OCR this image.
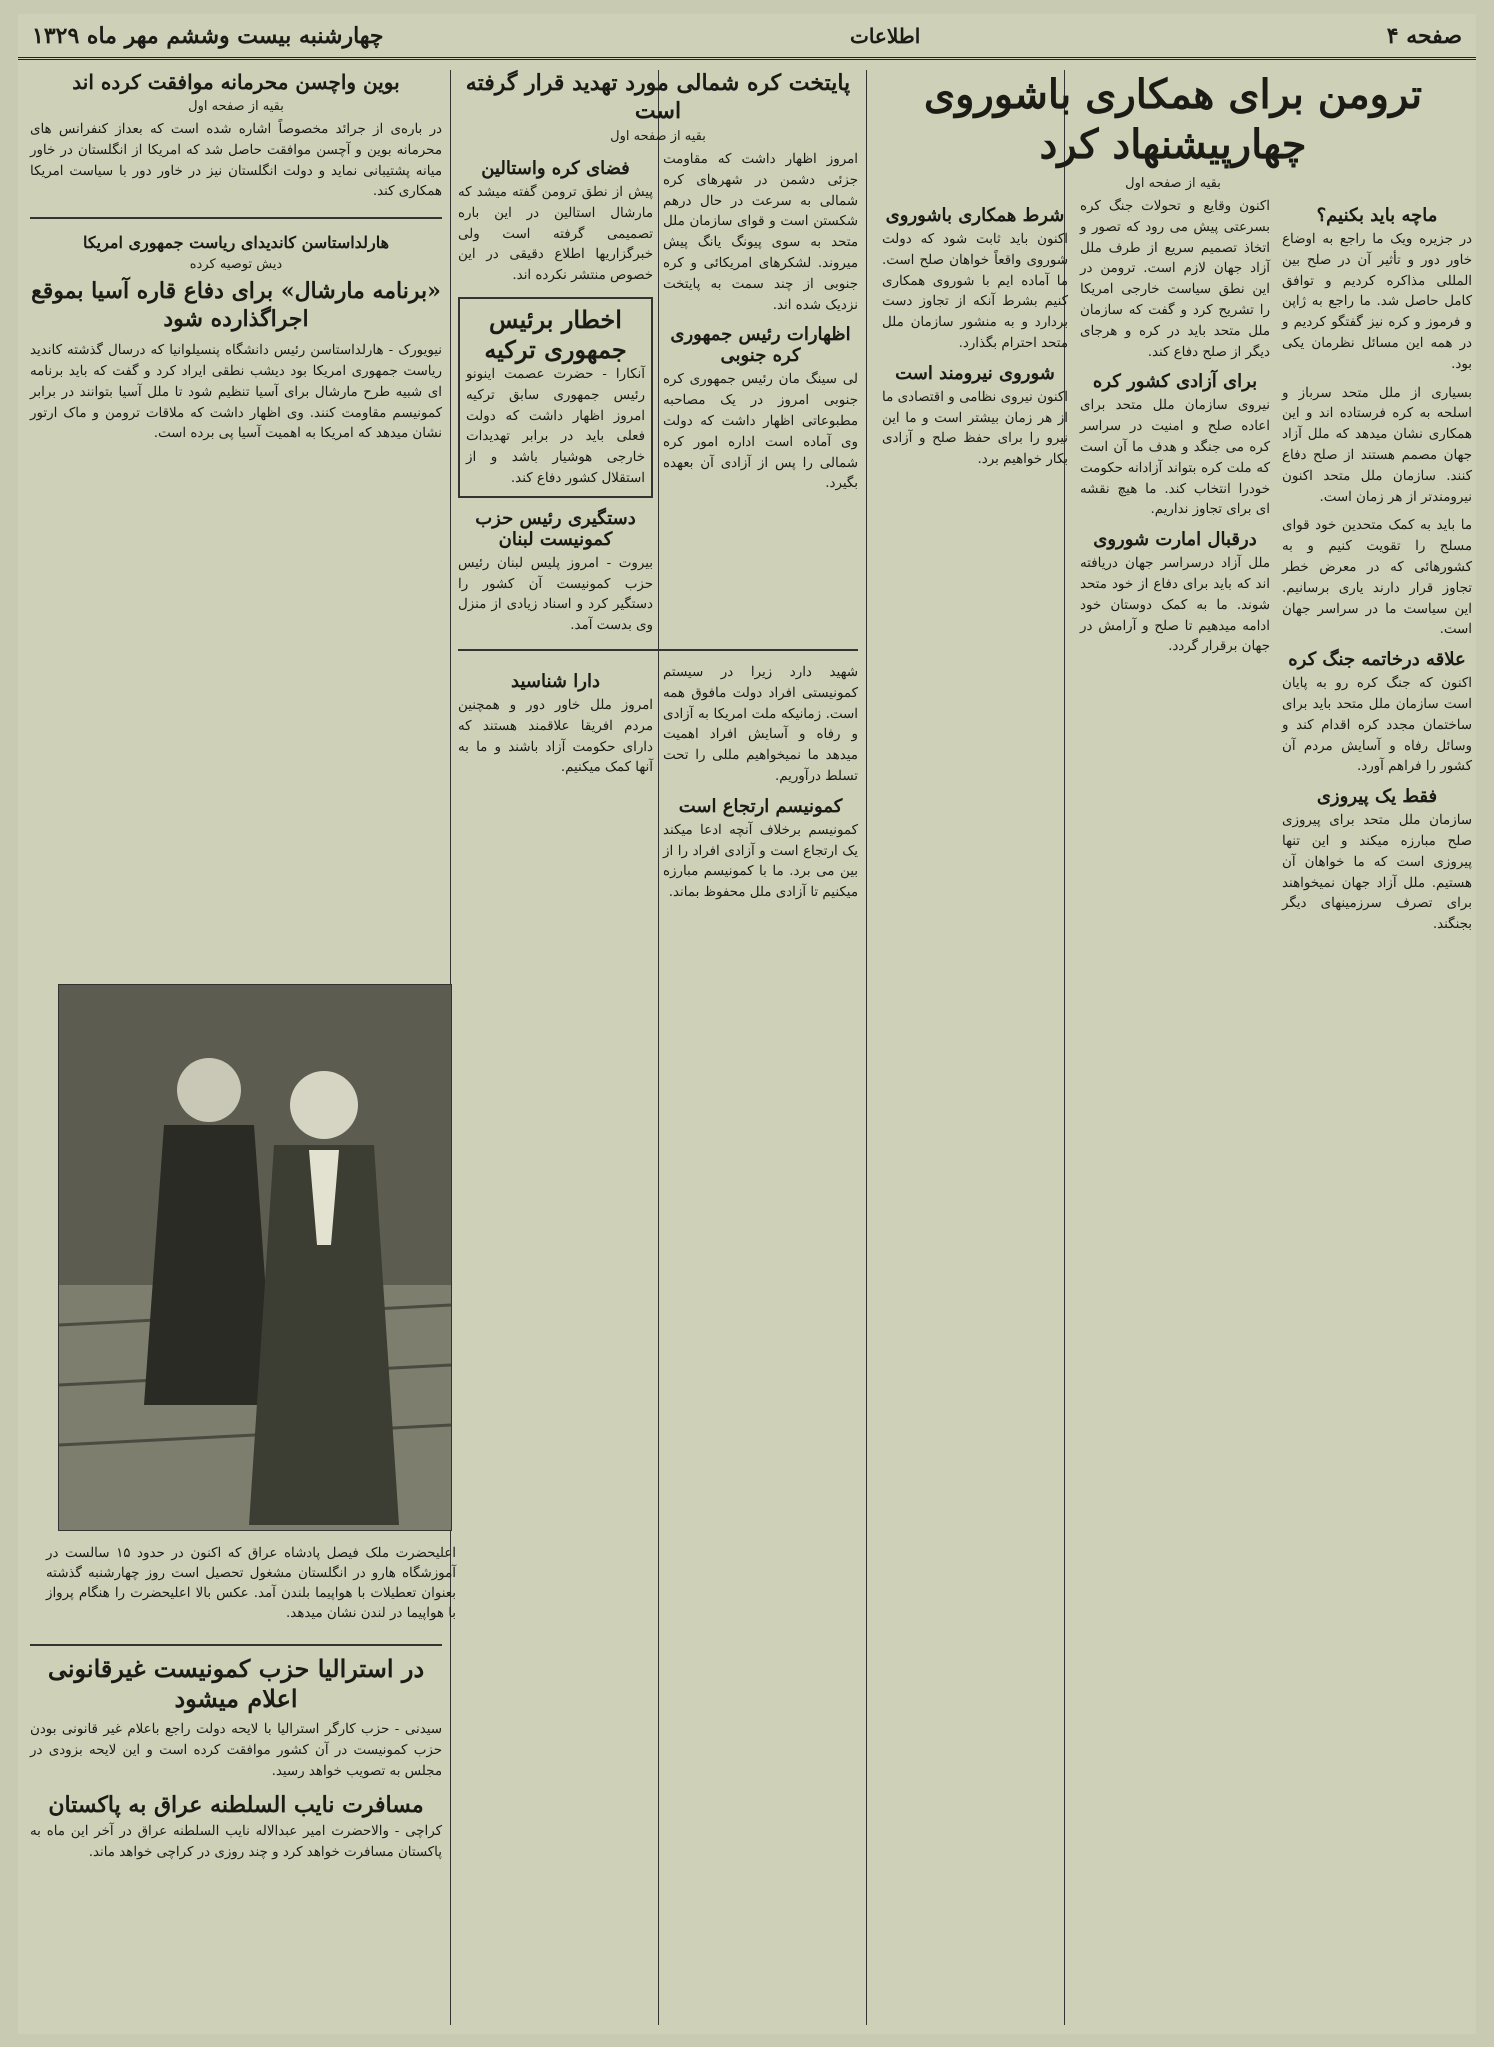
صفحه ۴
اطلاعات
چهارشنبه بیست وششم مهر ماه ۱۳۲۹
ترومن برای همکاری باشوروی چهارپیشنهاد کرد
بقیه از صفحه اول
ماچه باید بکنیم؟
در جزیره ویک ما راجع به اوضاع خاور دور و تأثیر آن در صلح بین المللی مذاکره کردیم و توافق کامل حاصل شد. ما راجع به ژاپن و فرموز و کره نیز گفتگو کردیم و در همه این مسائل نظرمان یکی بود.
بسیاری از ملل متحد سرباز و اسلحه به کره فرستاده اند و این همکاری نشان میدهد که ملل آزاد جهان مصمم هستند از صلح دفاع کنند. سازمان ملل متحد اکنون نیرومندتر از هر زمان است.
ما باید به کمک متحدین خود قوای مسلح را تقویت کنیم و به کشورهائی که در معرض خطر تجاوز قرار دارند یاری برسانیم. این سیاست ما در سراسر جهان است.
علاقه درخاتمه جنگ کره
اکنون که جنگ کره رو به پایان است سازمان ملل متحد باید برای ساختمان مجدد کره اقدام کند و وسائل رفاه و آسایش مردم آن کشور را فراهم آورد.
فقط یک پیروزی
سازمان ملل متحد برای پیروزی صلح مبارزه میکند و این تنها پیروزی است که ما خواهان آن هستیم. ملل آزاد جهان نمیخواهند برای تصرف سرزمینهای دیگر بجنگند.
اکنون وقایع و تحولات جنگ کره بسرعتی پیش می رود که تصور و اتخاذ تصمیم سریع از طرف ملل آزاد جهان لازم است. ترومن در این نطق سیاست خارجی امریکا را تشریح کرد و گفت که سازمان ملل متحد باید در کره و هرجای دیگر از صلح دفاع کند.
برای آزادی کشور کره
نیروی سازمان ملل متحد برای اعاده صلح و امنیت در سراسر کره می جنگد و هدف ما آن است که ملت کره بتواند آزادانه حکومت خودرا انتخاب کند. ما هیچ نقشه ای برای تجاوز نداریم.
درقبال امارت شوروی
ملل آزاد درسراسر جهان دریافته اند که باید برای دفاع از خود متحد شوند. ما به کمک دوستان خود ادامه میدهیم تا صلح و آرامش در جهان برقرار گردد.
شرط همکاری باشوروی
اکنون باید ثابت شود که دولت شوروی واقعاً خواهان صلح است. ما آماده ایم با شوروی همکاری کنیم بشرط آنکه از تجاوز دست بردارد و به منشور سازمان ملل متحد احترام بگذارد.
شوروی نیرومند است
اکنون نیروی نظامی و اقتصادی ما از هر زمان بیشتر است و ما این نیرو را برای حفظ صلح و آزادی بکار خواهیم برد.
پایتخت کره شمالی مورد تهدید قرار گرفته است
بقیه از صفحه اول
امروز اظهار داشت که مقاومت جزئی دشمن در شهرهای کره شمالی به سرعت در حال درهم شکستن است و قوای سازمان ملل متحد به سوی پیونگ یانگ پیش میروند. لشکرهای امریکائی و کره جنوبی از چند سمت به پایتخت نزدیک شده اند.
اظهارات رئیس جمهوری کره جنوبی
لی سینگ مان رئیس جمهوری کره جنوبی امروز در یک مصاحبه مطبوعاتی اظهار داشت که دولت وی آماده است اداره امور کره شمالی را پس از آزادی آن بعهده بگیرد.
فضای کره واستالین
پیش از نطق ترومن گفته میشد که مارشال استالین در این باره تصمیمی گرفته است ولی خبرگزاریها اطلاع دقیقی در این خصوص منتشر نکرده اند.
اخطار برئیس جمهوری ترکیه
آنکارا - حضرت عصمت اینونو رئیس جمهوری سابق ترکیه امروز اظهار داشت که دولت فعلی باید در برابر تهدیدات خارجی هوشیار باشد و از استقلال کشور دفاع کند.
دستگیری رئیس حزب کمونیست لبنان
بیروت - امروز پلیس لبنان رئیس حزب کمونیست آن کشور را دستگیر کرد و اسناد زیادی از منزل وی بدست آمد.
شهید دارد زیرا در سیستم کمونیستی افراد دولت مافوق همه است. زمانیکه ملت امریکا به آزادی و رفاه و آسایش افراد اهمیت میدهد ما نمیخواهیم مللی را تحت تسلط درآوریم.
کمونیسم ارتجاع است
کمونیسم برخلاف آنچه ادعا میکند یک ارتجاع است و آزادی افراد را از بین می برد. ما با کمونیسم مبارزه میکنیم تا آزادی ملل محفوظ بماند.
دارا شناسید
امروز ملل خاور دور و همچنین مردم افریقا علاقمند هستند که دارای حکومت آزاد باشند و ما به آنها کمک میکنیم.
بوین واچسن محرمانه موافقت کرده اند
بقیه از صفحه اول
در باره‌ی از جرائد مخصوصاً اشاره شده است که بعداز کنفرانس های محرمانه بوین و آچسن موافقت حاصل شد که امریکا از انگلستان در خاور میانه پشتیبانی نماید و دولت انگلستان نیز در خاور دور با سیاست امریکا همکاری کند.
هارلداستاسن کاندیدای ریاست جمهوری امریکا
دیش توصیه کرده
«برنامه مارشال» برای دفاع قاره آسیا بموقع اجراگذارده شود
نیویورک - هارلداستاسن رئیس دانشگاه پنسیلوانیا که درسال گذشته کاندید ریاست جمهوری امریکا بود دیشب نطقی ایراد کرد و گفت که باید برنامه ای شبیه طرح مارشال برای آسیا تنظیم شود تا ملل آسیا بتوانند در برابر کمونیسم مقاومت کنند. وی اظهار داشت که ملاقات ترومن و ماک ارتور نشان میدهد که امریکا به اهمیت آسیا پی برده است.
اعلیحضرت ملک فیصل پادشاه عراق که اکنون در حدود ۱۵ سالست در آموزشگاه هارو در انگلستان مشغول تحصیل است روز چهارشنبه گذشته بعنوان تعطیلات با هواپیما بلندن آمد. عکس بالا اعلیحضرت را هنگام پرواز با هواپیما در لندن نشان میدهد.
در استرالیا حزب کمونیست غیرقانونی اعلام میشود
سیدنی - حزب کارگر استرالیا با لایحه دولت راجع باعلام غیر قانونی بودن حزب کمونیست در آن کشور موافقت کرده است و این لایحه بزودی در مجلس به تصویب خواهد رسید.
مسافرت نایب السلطنه عراق به پاکستان
کراچی - والاحضرت امیر عبدالاله نایب السلطنه عراق در آخر این ماه به پاکستان مسافرت خواهد کرد و چند روزی در کراچی خواهد ماند.
